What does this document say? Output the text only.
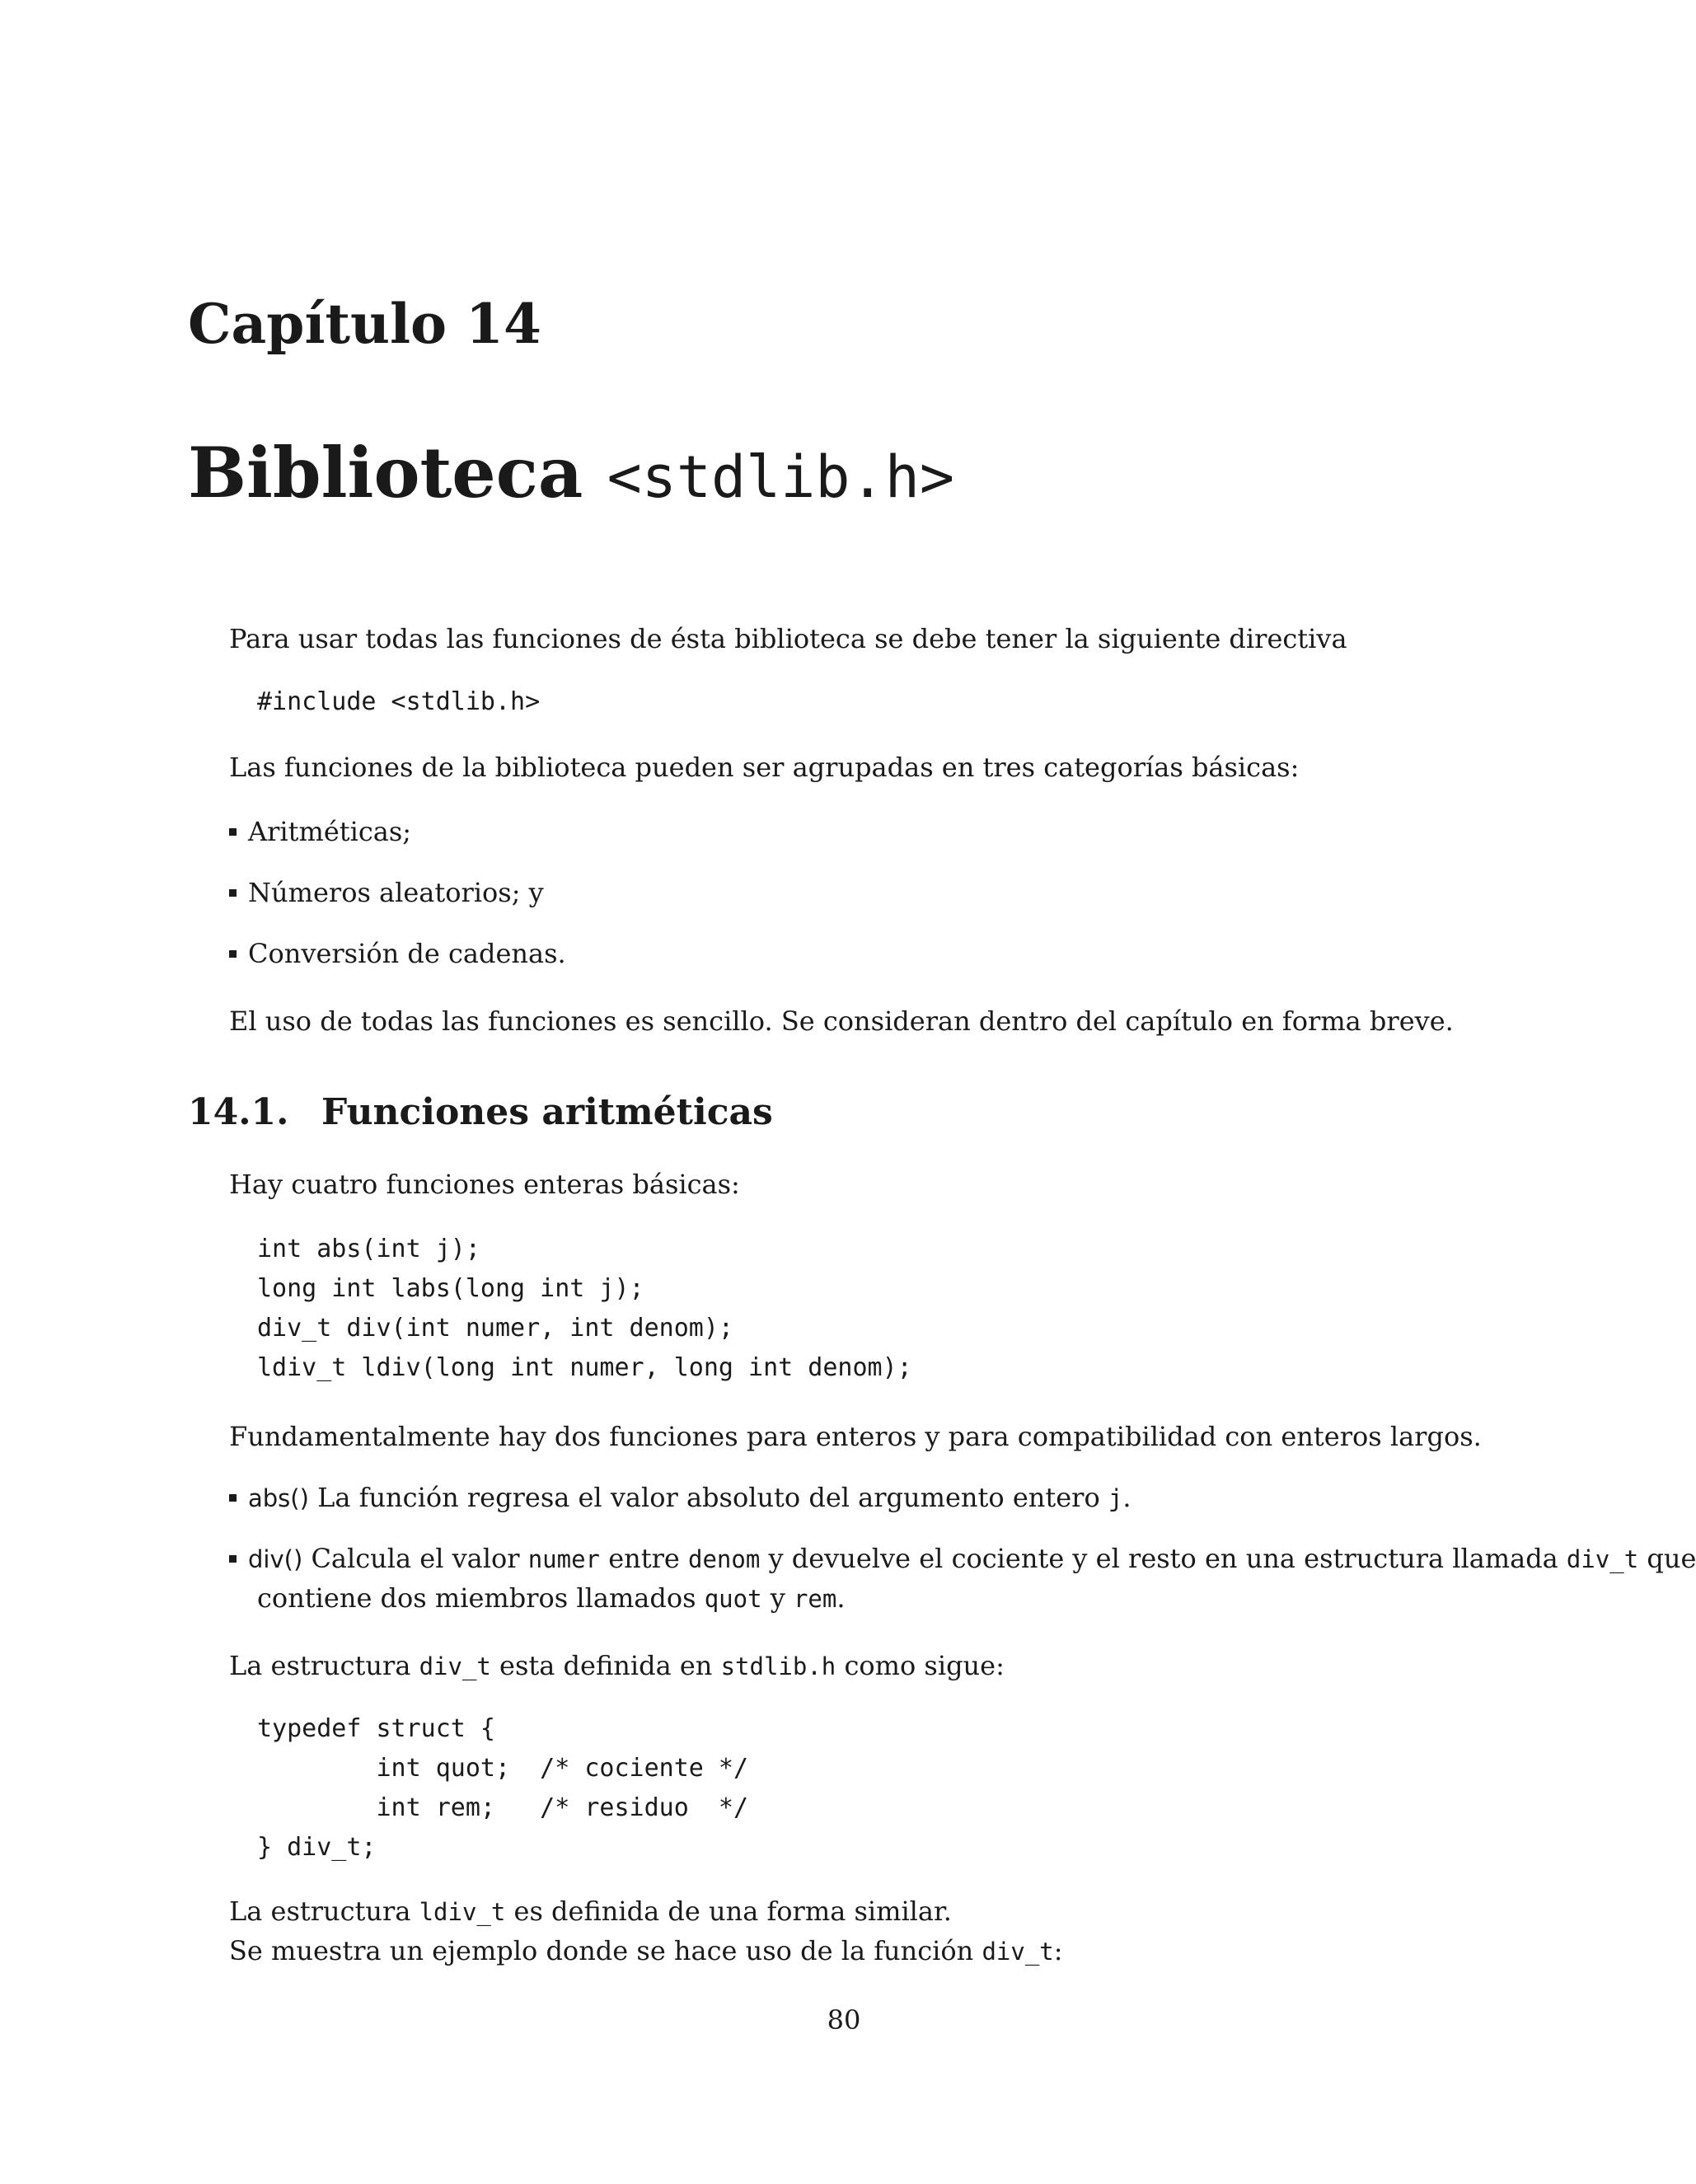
Capítulo 14
Biblioteca <stdlib.h>

Para usar todas las funciones de ésta biblioteca se debe tener la siguiente directiva

#include <stdlib.h>

Las funciones de la biblioteca pueden ser agrupadas en tres categorías básicas:

Aritméticas;
Números aleatorios; y
Conversión de cadenas.

El uso de todas las funciones es sencillo. Se consideran dentro del capítulo en forma breve.

14.1. Funciones aritméticas

Hay cuatro funciones enteras básicas:

int abs(int j);
long int labs(long int j);
div_t div(int numer, int denom);
ldiv_t ldiv(long int numer, long int denom);

Fundamentalmente hay dos funciones para enteros y para compatibilidad con enteros largos.

abs() La función regresa el valor absoluto del argumento entero j.
div() Calcula el valor numer entre denom y devuelve el cociente y el resto en una estructura llamada div_t que
contiene dos miembros llamados quot y rem.

La estructura div_t esta definida en stdlib.h como sigue:

typedef struct {
int quot;  /* cociente */
int rem;   /* residuo  */
} div_t;

La estructura ldiv_t es definida de una forma similar.

Se muestra un ejemplo donde se hace uso de la función div_t:

80
